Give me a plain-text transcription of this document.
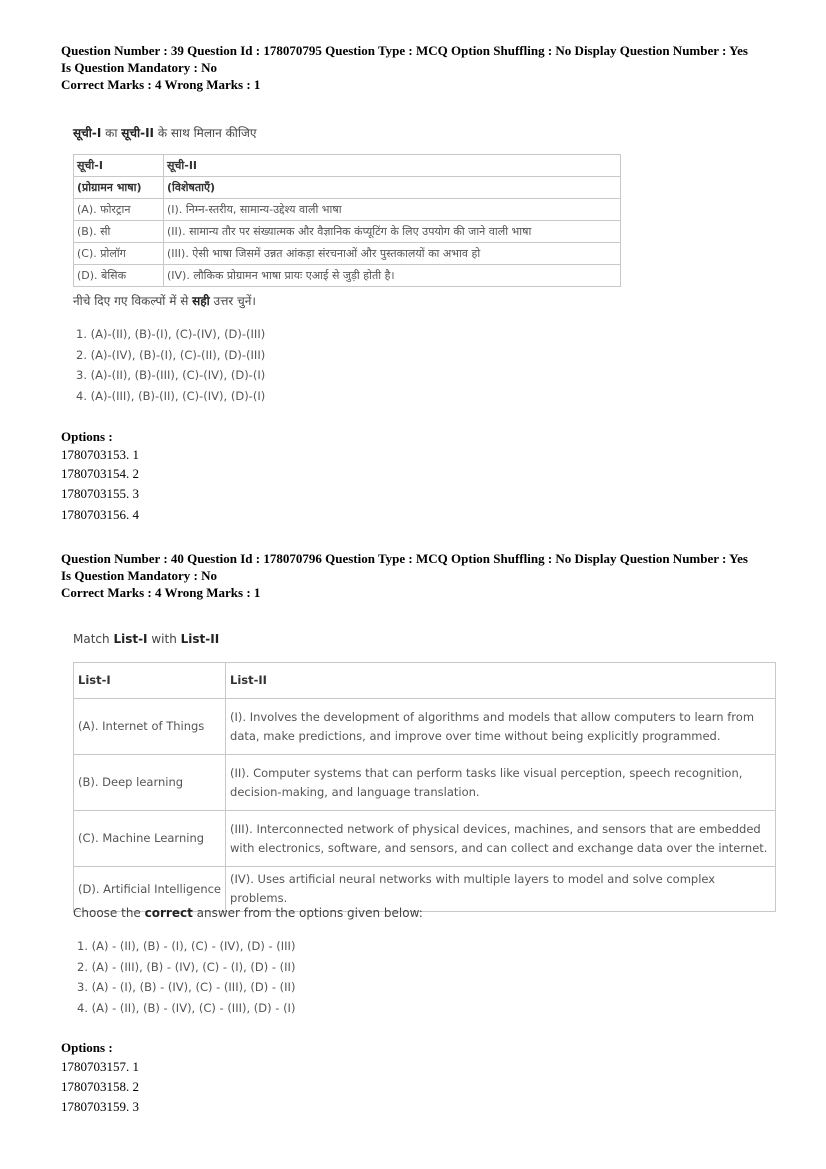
Question Number : 39 Question Id : 178070795 Question Type : MCQ Option Shuffling : No Display Question Number : Yes
Is Question Mandatory : No
Correct Marks : 4 Wrong Marks : 1
सूची-I का सूची-II के साथ मिलान कीजिए
सूची-I	सूची-II
(प्रोग्रामन भाषा)	(विशेषताएँ)
(A). फोरट्रान	(I). निम्न-स्तरीय, सामान्य-उद्देश्य वाली भाषा
(B). सी	(II). सामान्य तौर पर संख्यात्मक और वैज्ञानिक कंप्यूटिंग के लिए उपयोग की जाने वाली भाषा
(C). प्रोलॉग	(III). ऐसी भाषा जिसमें उन्नत आंकड़ा संरचनाओं और पुस्तकालयों का अभाव हो
(D). बेसिक	(IV). लौकिक प्रोग्रामन भाषा प्रायः एआई से जुड़ी होती है।
नीचे दिए गए विकल्पों में से सही उत्तर चुनें।
1. (A)-(II), (B)-(I), (C)-(IV), (D)-(III)
2. (A)-(IV), (B)-(I), (C)-(II), (D)-(III)
3. (A)-(II), (B)-(III), (C)-(IV), (D)-(I)
4. (A)-(III), (B)-(II), (C)-(IV), (D)-(I)
Options :
1780703153. 1
1780703154. 2
1780703155. 3
1780703156. 4
Question Number : 40 Question Id : 178070796 Question Type : MCQ Option Shuffling : No Display Question Number : Yes
Is Question Mandatory : No
Correct Marks : 4 Wrong Marks : 1
Match List-I with List-II
List-I	List-II
(A). Internet of Things	(I). Involves the development of algorithms and models that allow computers to learn from data, make predictions, and improve over time without being explicitly programmed.
(B). Deep learning	(II). Computer systems that can perform tasks like visual perception, speech recognition, decision-making, and language translation.
(C). Machine Learning	(III). Interconnected network of physical devices, machines, and sensors that are embedded with electronics, software, and sensors, and can collect and exchange data over the internet.
(D). Artificial Intelligence	(IV). Uses artificial neural networks with multiple layers to model and solve complex problems.
Choose the correct answer from the options given below:
1. (A) - (II), (B) - (I), (C) - (IV), (D) - (III)
2. (A) - (III), (B) - (IV), (C) - (I), (D) - (II)
3. (A) - (I), (B) - (IV), (C) - (III), (D) - (II)
4. (A) - (II), (B) - (IV), (C) - (III), (D) - (I)
Options :
1780703157. 1
1780703158. 2
1780703159. 3
